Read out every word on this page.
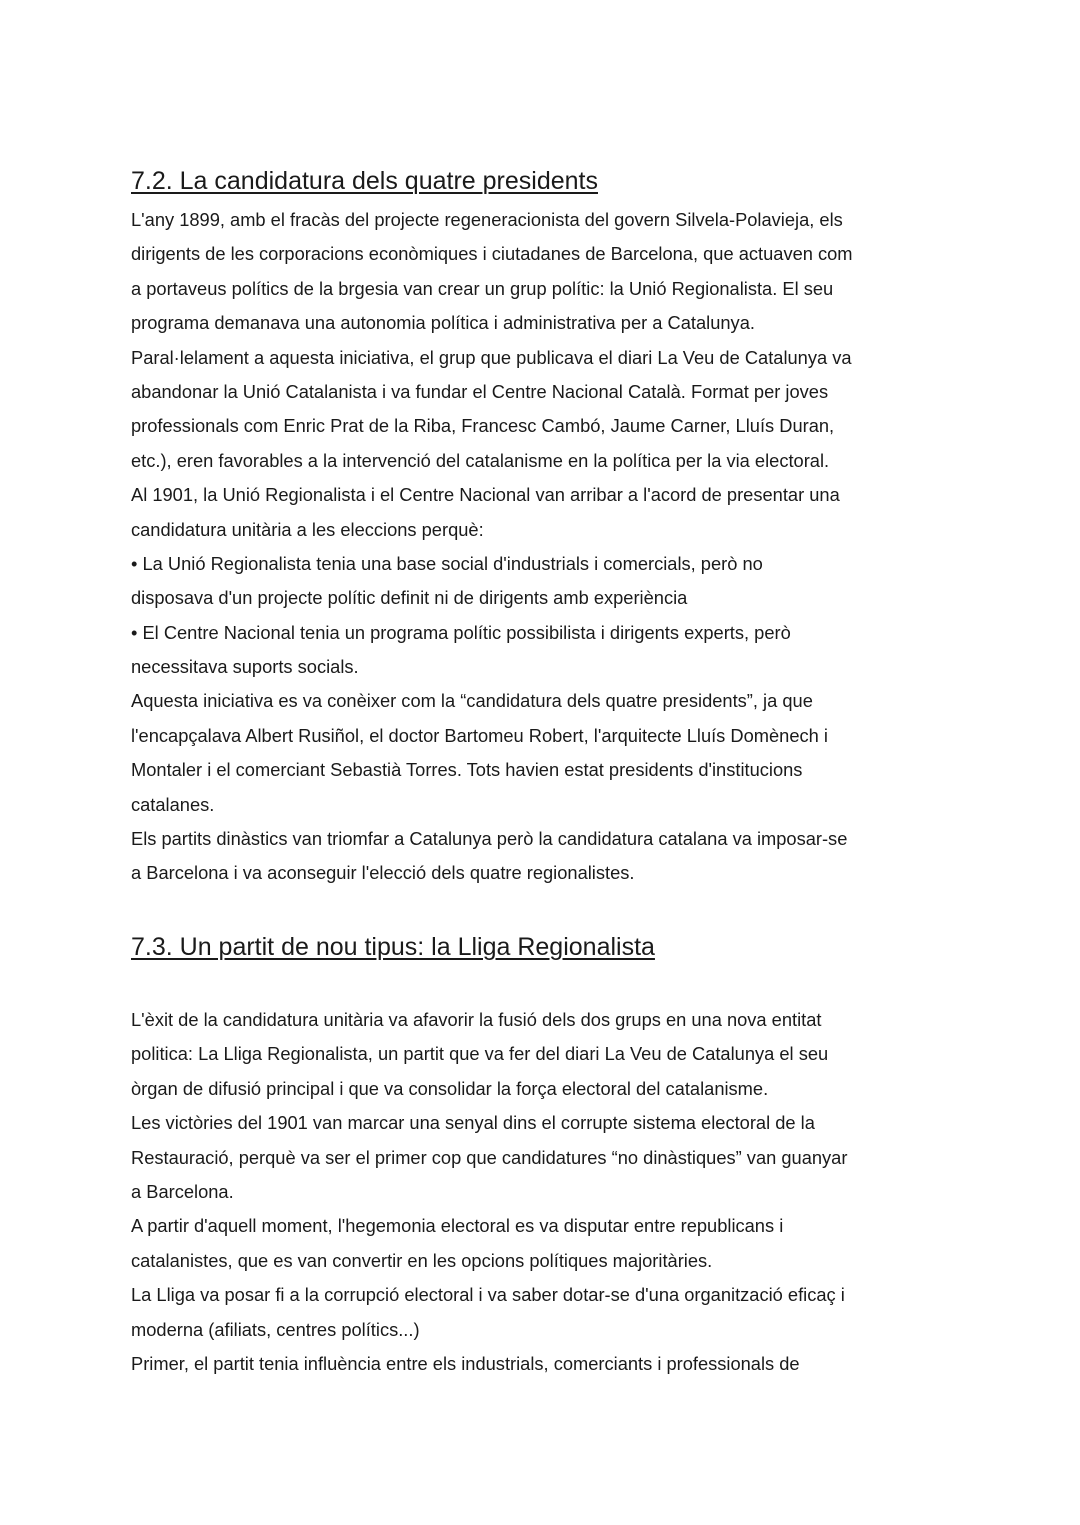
7.2. La candidatura dels quatre presidents

L'any 1899, amb el fracàs del projecte regeneracionista del govern Silvela-Polavieja, els

dirigents de les corporacions econòmiques i ciutadanes de Barcelona, que actuaven com

a portaveus polítics de la brgesia van crear un grup polític: la Unió Regionalista. El seu

programa demanava una autonomia política i administrativa per a Catalunya.

Paral·lelament a aquesta iniciativa, el grup que publicava el diari La Veu de Catalunya va

abandonar la Unió Catalanista i va fundar el Centre Nacional Català. Format per joves

professionals com Enric Prat de la Riba, Francesc Cambó, Jaume Carner, Lluís Duran,

etc.), eren favorables a la intervenció del catalanisme en la política per la via electoral.

Al 1901, la Unió Regionalista i el Centre Nacional van arribar a l'acord de presentar una

candidatura unitària a les eleccions perquè:

• La Unió Regionalista tenia una base social d'industrials i comercials, però no

disposava d'un projecte polític definit ni de dirigents amb experiència

• El Centre Nacional tenia un programa polític possibilista i dirigents experts, però

necessitava suports socials.

Aquesta iniciativa es va conèixer com la “candidatura dels quatre presidents”, ja que

l'encapçalava Albert Rusiñol, el doctor Bartomeu Robert, l'arquitecte Lluís Domènech i

Montaler i el comerciant Sebastià Torres. Tots havien estat presidents d'institucions

catalanes.

Els partits dinàstics van triomfar a Catalunya però la candidatura catalana va imposar-se

a Barcelona i va aconseguir l'elecció dels quatre regionalistes.

7.3. Un partit de nou tipus: la Lliga Regionalista

L'èxit de la candidatura unitària va afavorir la fusió dels dos grups en una nova entitat

politica: La Lliga Regionalista, un partit que va fer del diari La Veu de Catalunya el seu

òrgan de difusió principal i que va consolidar la força electoral del catalanisme.

Les victòries del 1901 van marcar una senyal dins el corrupte sistema electoral de la

Restauració, perquè va ser el primer cop que candidatures “no dinàstiques” van guanyar

a Barcelona.

A partir d'aquell moment, l'hegemonia electoral es va disputar entre republicans i

catalanistes, que es van convertir en les opcions polítiques majoritàries.

La Lliga va posar fi a la corrupció electoral i va saber dotar-se d'una organització eficaç i

moderna (afiliats, centres polítics...)

Primer, el partit tenia influència entre els industrials, comerciants i professionals de
